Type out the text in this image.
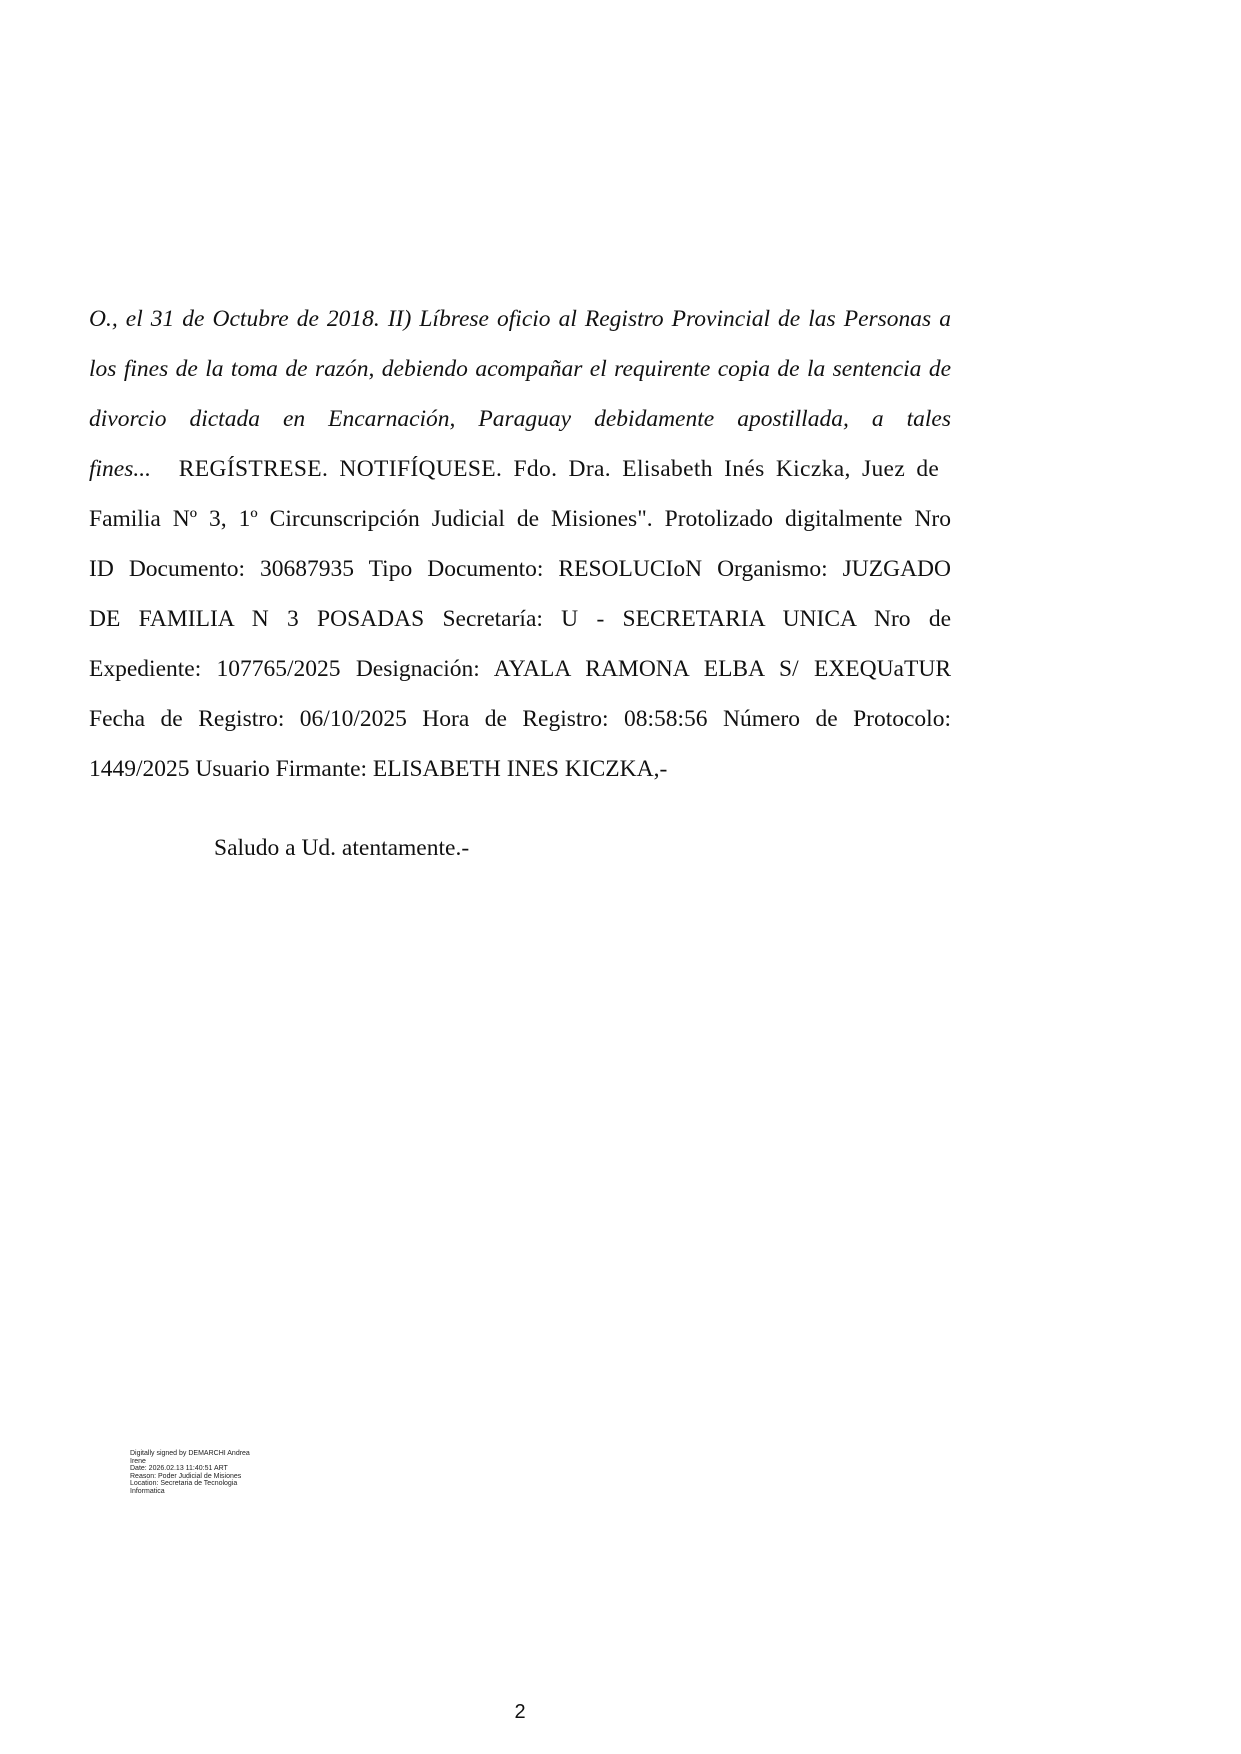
O., el 31 de Octubre de 2018. II) Líbrese oficio al Registro Provincial de las Personas a
los fines de la toma de razón, debiendo acompañar el requirente copia de la sentencia de
divorcio dictada en Encarnación, Paraguay debidamente apostillada, a tales
fines... REGÍSTRESE. NOTIFÍQUESE. Fdo. Dra. Elisabeth Inés Kiczka, Juez de
Familia Nº 3, 1º Circunscripción Judicial de Misiones". Protolizado digitalmente Nro
ID Documento: 30687935 Tipo Documento: RESOLUCIoN Organismo: JUZGADO
DE FAMILIA N 3 POSADAS Secretaría: U - SECRETARIA UNICA Nro de
Expediente: 107765/2025 Designación: AYALA RAMONA ELBA S/ EXEQUaTUR
Fecha de Registro: 06/10/2025 Hora de Registro: 08:58:56 Número de Protocolo:
1449/2025 Usuario Firmante: ELISABETH INES KICZKA,-
Saludo a Ud. atentamente.-
Digitally signed by DEMARCHI Andrea
Irene
Date: 2026.02.13 11:40:51 ART
Reason: Poder Judicial de Misiones
Location: Secretaria de Tecnologia
Informatica
2
